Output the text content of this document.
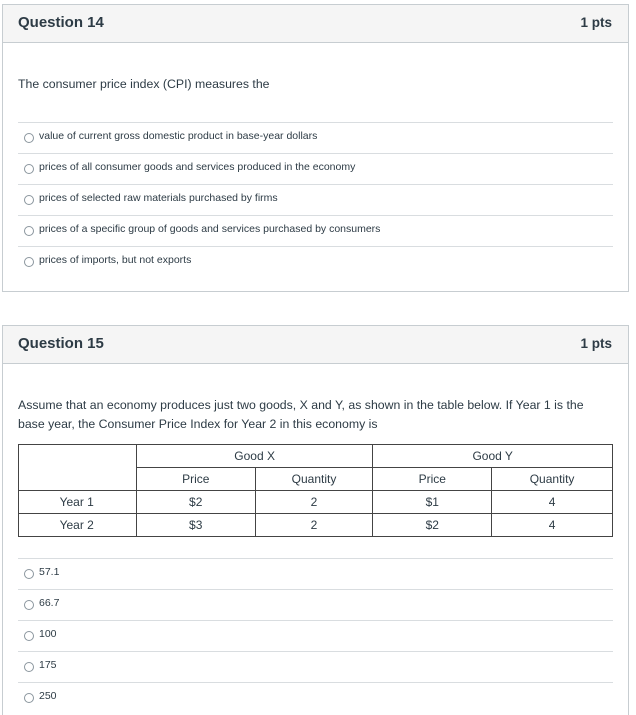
Question 14	1 pts
The consumer price index (CPI) measures the
value of current gross domestic product in base-year dollars
prices of all consumer goods and services produced in the economy
prices of selected raw materials purchased by firms
prices of a specific group of goods and services purchased by consumers
prices of imports, but not exports
Question 15	1 pts
Assume that an economy produces just two goods, X and Y, as shown in the table below. If Year 1 is the base year, the Consumer Price Index for Year 2 in this economy is
	Good X		Good Y	
	Price	Quantity	Price	Quantity
Year 1	$2	2	$1	4
Year 2	$3	2	$2	4
57.1
66.7
100
175
250
